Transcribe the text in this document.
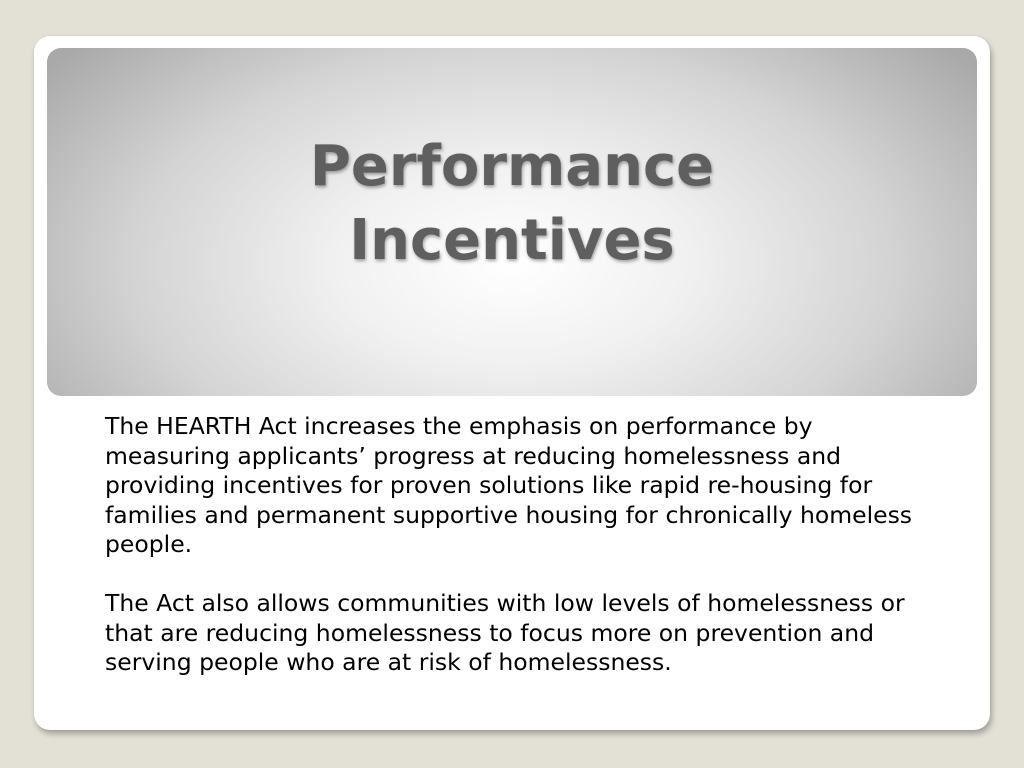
Performance
Incentives

The HEARTH Act increases the emphasis on performance by measuring applicants’ progress at reducing homelessness and providing incentives for proven solutions like rapid re-housing for families and permanent supportive housing for chronically homeless people.

The Act also allows communities with low levels of homelessness or that are reducing homelessness to focus more on prevention and serving people who are at risk of homelessness.
